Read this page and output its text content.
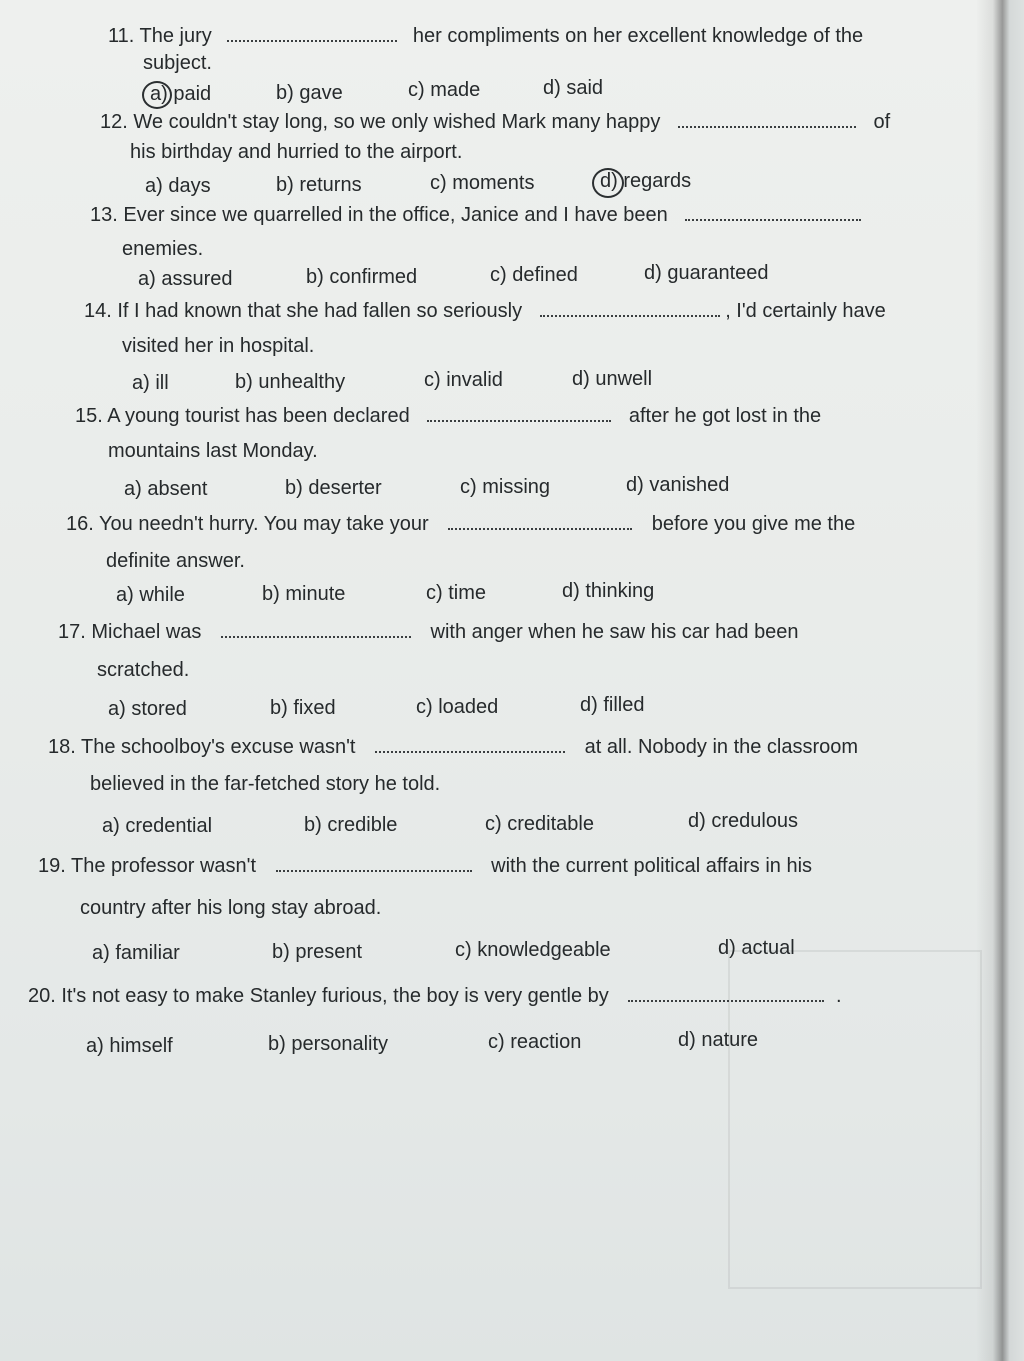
11. The jury	her compliments on her excellent knowledge of the
subject.
a) paid	b) gave	c) made	d) said
12. We couldn't stay long, so we only wished Mark many happy	of
his birthday and hurried to the airport.
a) days	b) returns	c) moments	d) regards
13. Ever since we quarrelled in the office, Janice and I have been
enemies.
a) assured	b) confirmed	c) defined	d) guaranteed
14. If I had known that she had fallen so seriously	, I'd certainly have
visited her in hospital.
a) ill	b) unhealthy	c) invalid	d) unwell
15. A young tourist has been declared	after he got lost in the
mountains last Monday.
a) absent	b) deserter	c) missing	d) vanished
16. You needn't hurry. You may take your	before you give me the
definite answer.
a) while	b) minute	c) time	d) thinking
17. Michael was	with anger when he saw his car had been
scratched.
a) stored	b) fixed	c) loaded	d) filled
18. The schoolboy's excuse wasn't	at all. Nobody in the classroom
believed in the far-fetched story he told.
a) credential	b) credible	c) creditable	d) credulous
19. The professor wasn't	with the current political affairs in his
country after his long stay abroad.
a) familiar	b) present	c) knowledgeable	d) actual
20. It's not easy to make Stanley furious, the boy is very gentle by	.
a) himself	b) personality	c) reaction	d) nature
